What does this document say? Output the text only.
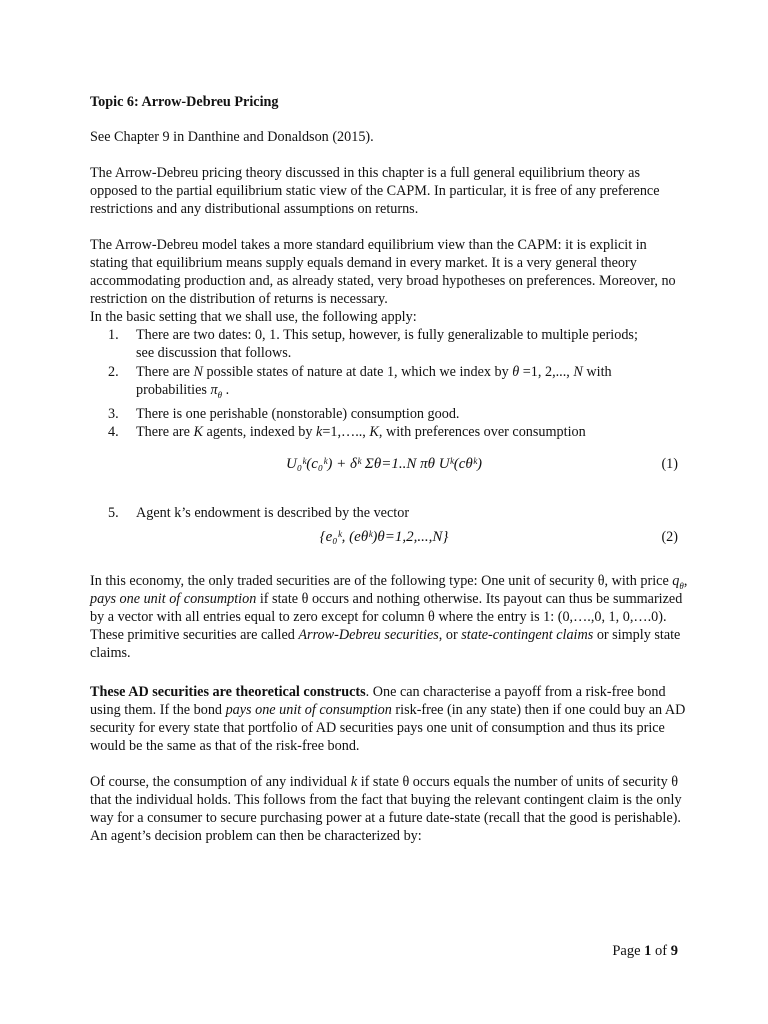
Topic 6: Arrow-Debreu Pricing

See Chapter 9 in Danthine and Donaldson (2015).

The Arrow-Debreu pricing theory discussed in this chapter is a full general equilibrium theory as opposed to the partial equilibrium static view of the CAPM. In particular, it is free of any preference restrictions and any distributional assumptions on returns.

The Arrow-Debreu model takes a more standard equilibrium view than the CAPM: it is explicit in stating that equilibrium means supply equals demand in every market. It is a very general theory accommodating production and, as already stated, very broad hypotheses on preferences. Moreover, no restriction on the distribution of returns is necessary.

In the basic setting that we shall use, the following apply:

1. There are two dates: 0, 1. This setup, however, is fully generalizable to multiple periods; see discussion that follows.
2. There are N possible states of nature at date 1, which we index by θ =1, 2,..., N with
probabilities $\pi_\theta$ .
3. There is one perishable (nonstorable) consumption good.
4. There are K agents, indexed by k=1,….., K, with preferences over consumption
U₀ᵏ(c₀ᵏ) + δᵏ Σθ=1..N πθ Uᵏ(cθᵏ)	(1)
5. Agent k’s endowment is described by the vector
{e₀ᵏ, (eθᵏ)θ=1,2,...,N}	(2)

In this economy, the only traded securities are of the following type: One unit of security θ, with price $q_\theta$, pays one unit of consumption if state θ occurs and nothing otherwise. Its payout can thus be summarized by a vector with all entries equal to zero except for column θ where the entry is 1: (0,….,0, 1, 0,….0). These primitive securities are called Arrow-Debreu securities, or state-contingent claims or simply state claims.

These AD securities are theoretical constructs. One can characterise a payoff from a risk-free bond using them. If the bond pays one unit of consumption risk-free (in any state) then if one could buy an AD security for every state that portfolio of AD securities pays one unit of consumption and thus its price would be the same as that of the risk-free bond.

Of course, the consumption of any individual k if state θ occurs equals the number of units of security θ that the individual holds. This follows from the fact that buying the relevant contingent claim is the only way for a consumer to secure purchasing power at a future date-state (recall that the good is perishable). An agent’s decision problem can then be characterized by:

Page 1 of 9
